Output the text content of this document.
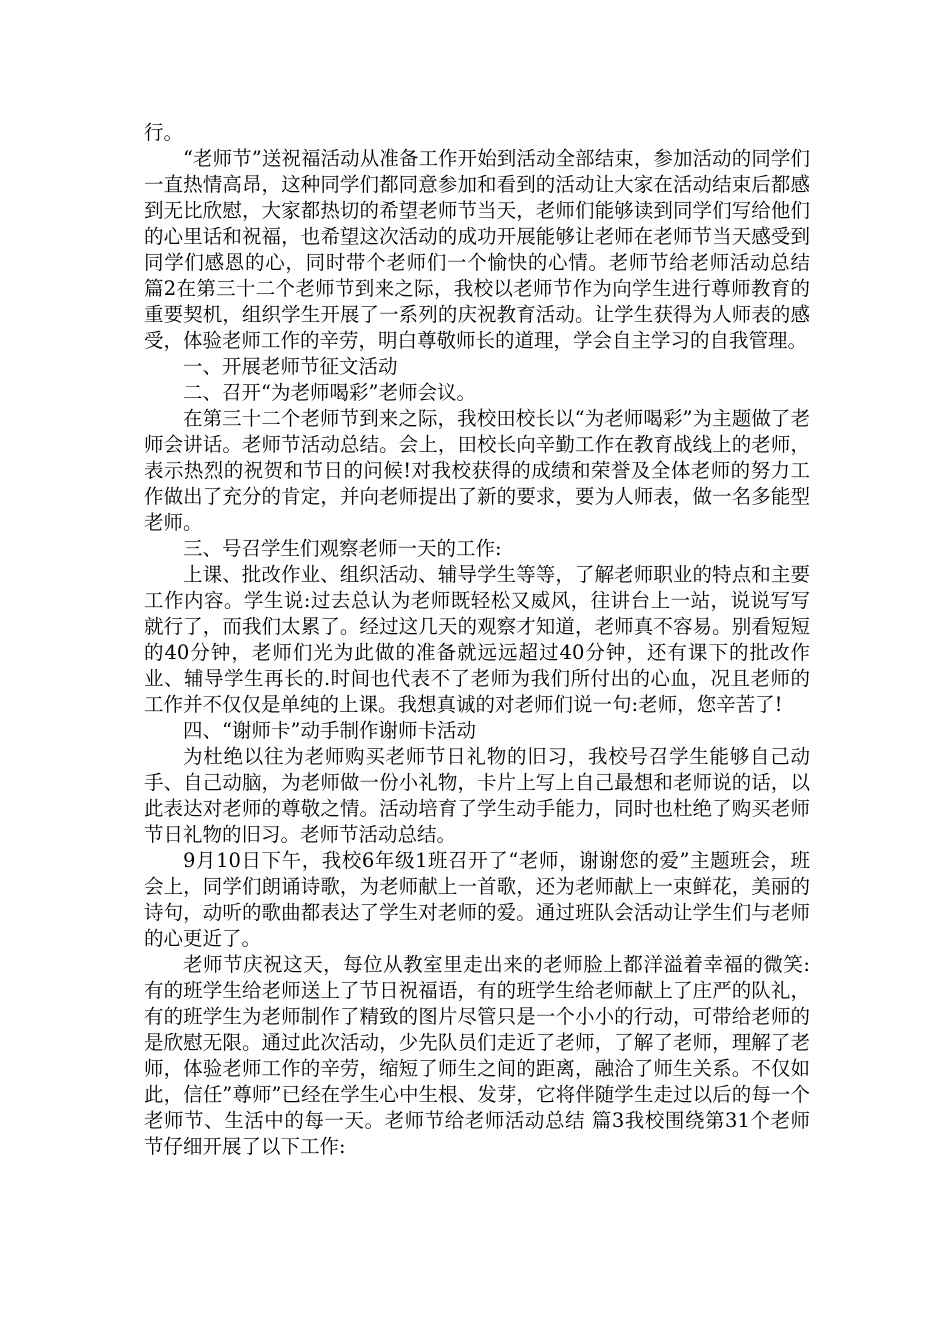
行。

“老师节”送祝福活动从准备工作开始到活动全部结束，参加活动的同学们一直热情高昂，这种同学们都同意参加和看到的活动让大家在活动结束后都感到无比欣慰，大家都热切的希望老师节当天，老师们能够读到同学们写给他们的心里话和祝福，也希望这次活动的成功开展能够让老师在老师节当天感受到同学们感恩的心，同时带个老师们一个愉快的心情。老师节给老师活动总结 篇2在第三十二个老师节到来之际，我校以老师节作为向学生进行尊师教育的重要契机，组织学生开展了一系列的庆祝教育活动。让学生获得为人师表的感受，体验老师工作的辛劳，明白尊敬师长的道理，学会自主学习的自我管理。

一、开展老师节征文活动

二、召开“为老师喝彩”老师会议。

在第三十二个老师节到来之际，我校田校长以“为老师喝彩”为主题做了老师会讲话。老师节活动总结。会上，田校长向辛勤工作在教育战线上的老师，表示热烈的祝贺和节日的问候!对我校获得的成绩和荣誉及全体老师的努力工作做出了充分的肯定，并向老师提出了新的要求，要为人师表，做一名多能型老师。

三、号召学生们观察老师一天的工作:

上课、批改作业、组织活动、辅导学生等等，了解老师职业的特点和主要工作内容。学生说:过去总认为老师既轻松又威风，往讲台上一站，说说写写就行了，而我们太累了。经过这几天的观察才知道，老师真不容易。别看短短的40分钟，老师们光为此做的准备就远远超过40分钟，还有课下的批改作业、辅导学生再长的.时间也代表不了老师为我们所付出的心血，况且老师的工作并不仅仅是单纯的上课。我想真诚的对老师们说一句:老师，您辛苦了!

四、“谢师卡”动手制作谢师卡活动

为杜绝以往为老师购买老师节日礼物的旧习，我校号召学生能够自己动手、自己动脑，为老师做一份小礼物，卡片上写上自己最想和老师说的话，以此表达对老师的尊敬之情。活动培育了学生动手能力，同时也杜绝了购买老师节日礼物的旧习。老师节活动总结。

9月10日下午，我校6年级1班召开了“老师，谢谢您的爱”主题班会，班会上，同学们朗诵诗歌，为老师献上一首歌，还为老师献上一束鲜花，美丽的诗句，动听的歌曲都表达了学生对老师的爱。通过班队会活动让学生们与老师的心更近了。

老师节庆祝这天，每位从教室里走出来的老师脸上都洋溢着幸福的微笑:有的班学生给老师送上了节日祝福语，有的班学生给老师献上了庄严的队礼，有的班学生为老师制作了精致的图片尽管只是一个小小的行动，可带给老师的是欣慰无限。通过此次活动，少先队员们走近了老师，了解了老师，理解了老师，体验老师工作的辛劳，缩短了师生之间的距离，融洽了师生关系。不仅如此，信任”尊师”已经在学生心中生根、发芽，它将伴随学生走过以后的每一个老师节、生活中的每一天。老师节给老师活动总结 篇3我校围绕第31个老师节仔细开展了以下工作:
